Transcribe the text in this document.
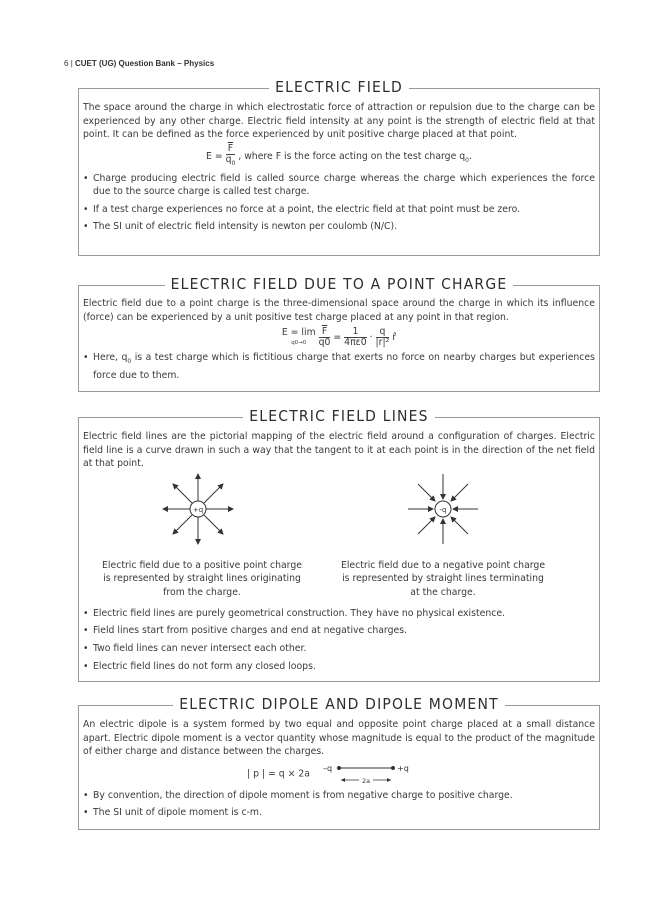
6 | CUET (UG) Question Bank – Physics
ELECTRIC FIELD

The space around the charge in which electrostatic force of attraction or repulsion due to the charge can be experienced by any other charge. Electric field intensity at any point is the strength of electric field at that point. It can be defined as the force experienced by unit positive charge placed at that point.

$E = \frac{\overline{F}}{q_0}$ , where F is the force acting on the test charge $q_0$.
• Charge producing electric field is called source charge whereas the charge which experiences the force due to the source charge is called test charge.
• If a test charge experiences no force at a point, the electric field at that point must be zero.
• The SI unit of electric field intensity is newton per coulomb (N/C).
ELECTRIC FIELD DUE TO A POINT CHARGE

Electric field due to a point charge is the three-dimensional space around the charge in which its influence (force) can be experienced by a unit positive test charge placed at any point in that region.

E = lim
q0→0
	$\frac{\overline{F}}{q0} = \frac{1}{4\pi\varepsilon 0} \cdot \frac{q}{\text{|r|²}}$ r̂
• Here, $q_0$ is a test charge which is fictitious charge that exerts no force on nearby charges but experiences force due to them.
ELECTRIC FIELD LINES

Electric field lines are the pictorial mapping of the electric field around a configuration of charges. Electric field line is a curve drawn in such a way that the tangent to it at each point is in the direction of the net field at that point.

+q	-q
Electric field due to a positive point charge is represented by straight lines originating from the charge.
Electric field due to a negative point charge is represented by straight lines terminating at the charge.
• Electric field lines are purely geometrical construction. They have no physical existence.
• Field lines start from positive charges and end at negative charges.
• Two field lines can never intersect each other.
• Electric field lines do not form any closed loops.
ELECTRIC DIPOLE AND DIPOLE MOMENT

An electric dipole is a system formed by two equal and opposite point charge placed at a small distance apart. Electric dipole moment is a vector quantity whose magnitude is equal to the product of the magnitude of either charge and distance between the charges.

| p | = q × 2a –q	+q
2a
• By convention, the direction of dipole moment is from negative charge to positive charge.
• The SI unit of dipole moment is c-m.
